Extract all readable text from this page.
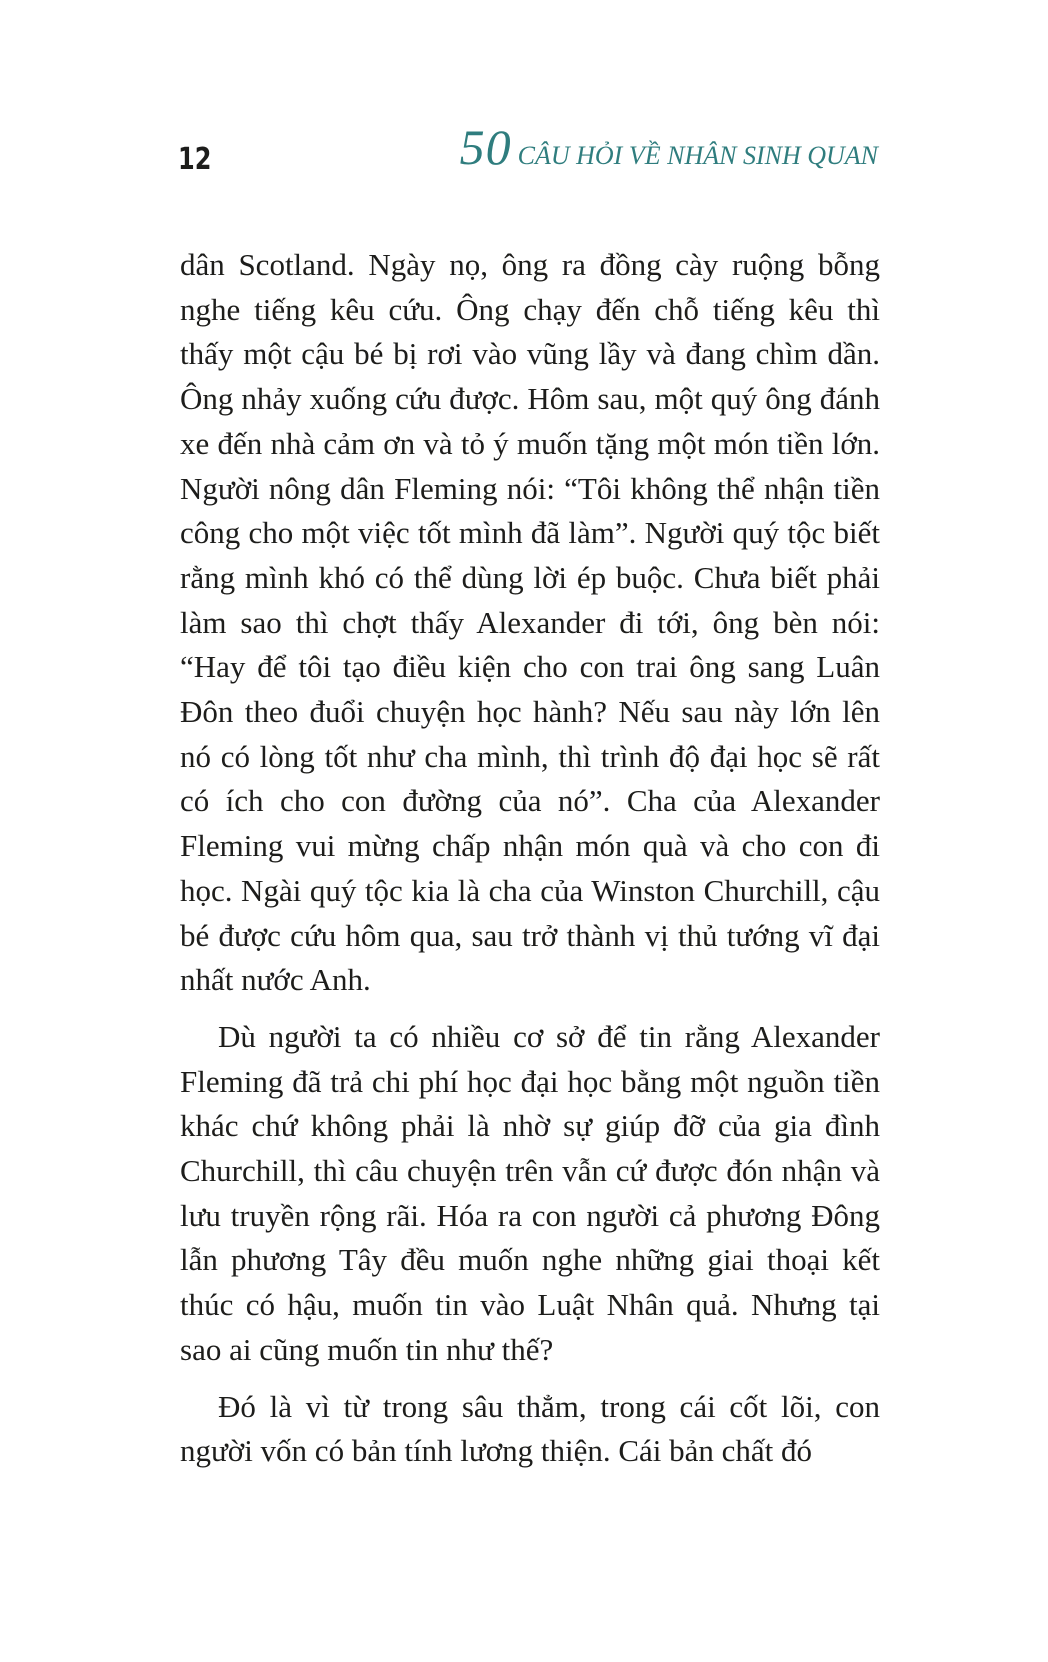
12	50 CÂU HỎI VỀ NHÂN SINH QUAN

dân Scotland. Ngày nọ, ông ra đồng cày ruộng bỗng nghe tiếng kêu cứu. Ông chạy đến chỗ tiếng kêu thì thấy một cậu bé bị rơi vào vũng lầy và đang chìm dần. Ông nhảy xuống cứu được. Hôm sau, một quý ông đánh xe đến nhà cảm ơn và tỏ ý muốn tặng một món tiền lớn. Người nông dân Fleming nói: “Tôi không thể nhận tiền công cho một việc tốt mình đã làm”. Người quý tộc biết rằng mình khó có thể dùng lời ép buộc. Chưa biết phải làm sao thì chợt thấy Alexander đi tới, ông bèn nói: “Hay để tôi tạo điều kiện cho con trai ông sang Luân Đôn theo đuổi chuyện học hành? Nếu sau này lớn lên nó có lòng tốt như cha mình, thì trình độ đại học sẽ rất có ích cho con đường của nó”. Cha của Alexander Fleming vui mừng chấp nhận món quà và cho con đi học. Ngài quý tộc kia là cha của Winston Churchill, cậu bé được cứu hôm qua, sau trở thành vị thủ tướng vĩ đại nhất nước Anh.

Dù người ta có nhiều cơ sở để tin rằng Alexander Fleming đã trả chi phí học đại học bằng một nguồn tiền khác chứ không phải là nhờ sự giúp đỡ của gia đình Churchill, thì câu chuyện trên vẫn cứ được đón nhận và lưu truyền rộng rãi. Hóa ra con người cả phương Đông lẫn phương Tây đều muốn nghe những giai thoại kết thúc có hậu, muốn tin vào Luật Nhân quả. Nhưng tại sao ai cũng muốn tin như thế?

Đó là vì từ trong sâu thẳm, trong cái cốt lõi, con người vốn có bản tính lương thiện. Cái bản chất đó
